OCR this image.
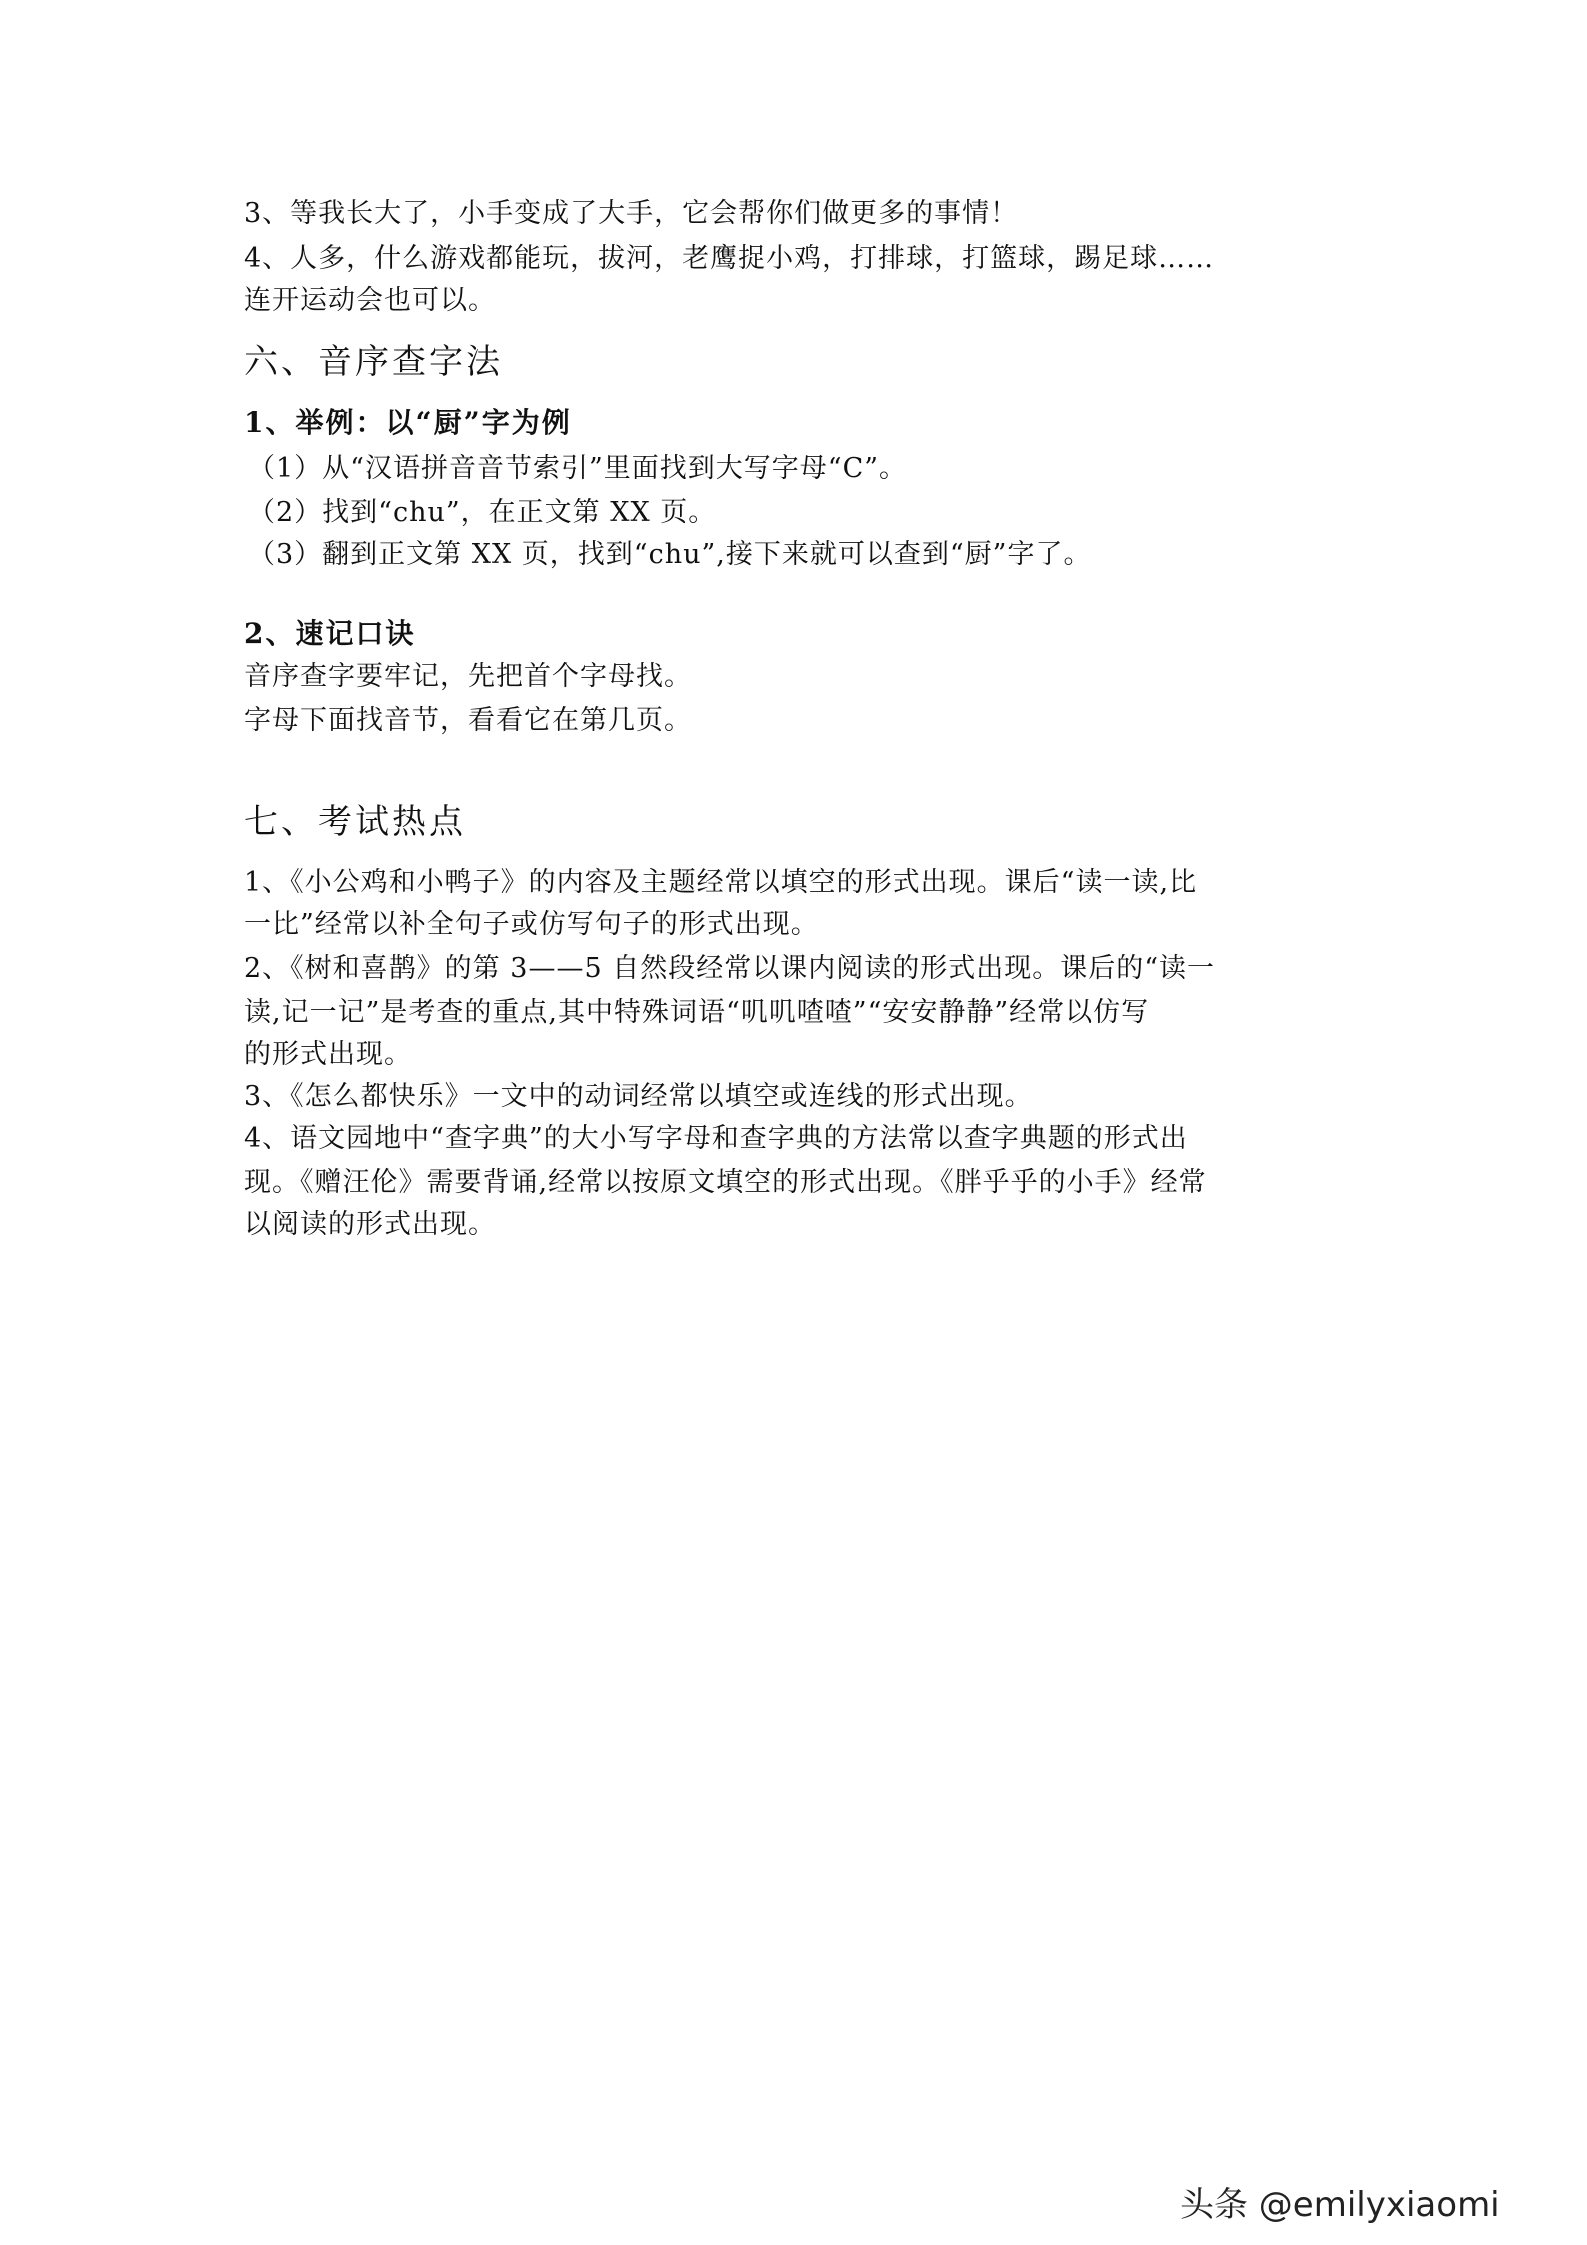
3、等我长大了，小手变成了大手，它会帮你们做更多的事情！
4、人多，什么游戏都能玩，拔河，老鹰捉小鸡，打排球，打篮球，踢足球……
连开运动会也可以。
六、音序查字法
1、举例：以“厨”字为例
（1）从“汉语拼音音节索引”里面找到大写字母“C”。
（2）找到“chu”，在正文第 XX 页。
（3）翻到正文第 XX 页，找到“chu”,接下来就可以查到“厨”字了。
2、速记口诀
音序查字要牢记，先把首个字母找。
字母下面找音节，看看它在第几页。
七、考试热点
1、《小公鸡和小鸭子》的内容及主题经常以填空的形式出现。课后“读一读,比
一比”经常以补全句子或仿写句子的形式出现。
2、《树和喜鹊》的第 3——5 自然段经常以课内阅读的形式出现。课后的“读一
读,记一记”是考查的重点,其中特殊词语“叽叽喳喳”“安安静静”经常以仿写
的形式出现。
3、《怎么都快乐》一文中的动词经常以填空或连线的形式出现。
4、语文园地中“查字典”的大小写字母和查字典的方法常以查字典题的形式出
现。《赠汪伦》需要背诵,经常以按原文填空的形式出现。《胖乎乎的小手》经常
以阅读的形式出现。
头条 @emilyxiaomi
